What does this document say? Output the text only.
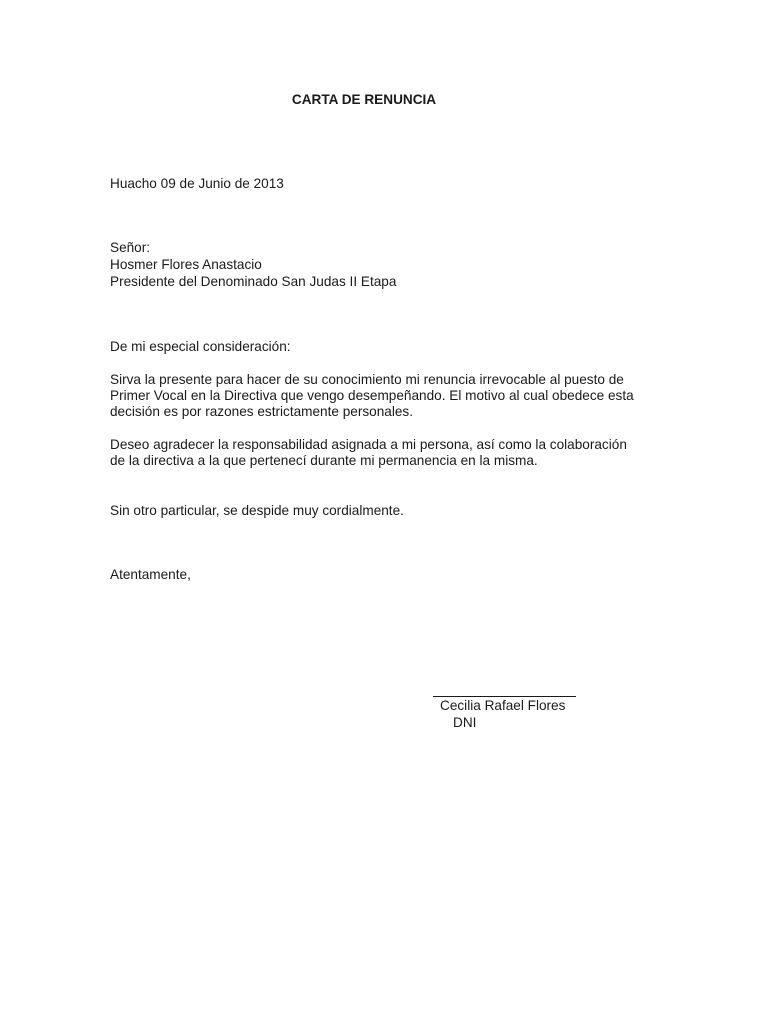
CARTA DE RENUNCIA
Huacho 09 de Junio de 2013
Señor:
Hosmer Flores Anastacio
Presidente del Denominado San Judas II Etapa
De mi especial consideración:
Sirva la presente para hacer de su conocimiento mi renuncia irrevocable al puesto de
Primer Vocal en la Directiva que vengo desempeñando. El motivo al cual obedece esta
decisión es por razones estrictamente personales.
Deseo agradecer la responsabilidad asignada a mi persona, así como la colaboración
de la directiva a la que pertenecí durante mi permanencia en la misma.
Sin otro particular, se despide muy cordialmente.
Atentamente,
Cecilia Rafael Flores
DNI
